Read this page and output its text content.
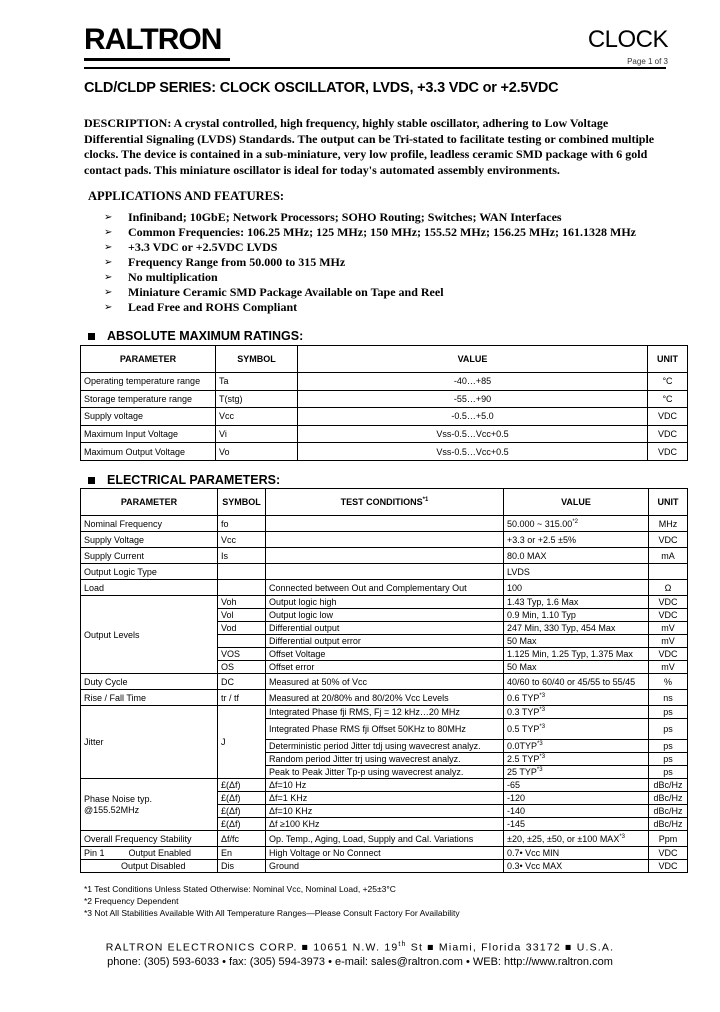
RALTRON	CLOCK
Page 1 of 3
CLD/CLDP SERIES: CLOCK OSCILLATOR, LVDS, +3.3 VDC or +2.5VDC
DESCRIPTION: A crystal controlled, high frequency, highly stable oscillator, adhering to Low Voltage Differential Signaling (LVDS) Standards. The output can be Tri-stated to facilitate testing or combined multiple clocks. The device is contained in a sub-miniature, very low profile, leadless ceramic SMD package with 6 gold contact pads. This miniature oscillator is ideal for today's automated assembly environments.
APPLICATIONS AND FEATURES:
➢	Infiniband; 10GbE; Network Processors; SOHO Routing; Switches; WAN Interfaces
➢	Common Frequencies: 106.25 MHz; 125 MHz; 150 MHz; 155.52 MHz; 156.25 MHz; 161.1328 MHz
➢	+3.3 VDC or +2.5VDC LVDS
➢	Frequency Range from 50.000 to 315 MHz
➢	No multiplication
➢	Miniature Ceramic SMD Package Available on Tape and Reel
➢	Lead Free and ROHS Compliant
ABSOLUTE MAXIMUM RATINGS:
PARAMETER	SYMBOL	VALUE	UNIT
Operating temperature range	Ta	-40…+85	°C
Storage temperature range	T(stg)	-55…+90	°C
Supply voltage	Vcc	-0.5…+5.0	VDC
Maximum Input Voltage	Vi	Vss-0.5…Vcc+0.5	VDC
Maximum Output Voltage	Vo	Vss-0.5…Vcc+0.5	VDC
ELECTRICAL PARAMETERS:
PARAMETER	SYMBOL	TEST CONDITIONS$^{*1}$	VALUE	UNIT
Nominal Frequency	fo		50.000 ~ 315.00$^{*2}$	MHz
Supply Voltage	Vcc		+3.3 or +2.5 ±5%	VDC
Supply Current	Is		80.0 MAX	mA
Output Logic Type			LVDS	
Load		Connected between Out and Complementary Out	100	Ω
Output Levels	Voh	Output logic high	1.43 Typ, 1.6 Max	VDC
	Vol	Output logic low	0.9 Min, 1.10 Typ	VDC
	Vod	Differential output	247 Min, 330 Typ, 454 Max	mV
		Differential output error	50 Max	mV
	VOS	Offset Voltage	1.125 Min, 1.25 Typ, 1.375 Max	VDC
	OS	Offset error	50 Max	mV
Duty Cycle	DC	Measured at 50% of Vcc	40/60 to 60/40 or 45/55 to 55/45	%
Rise / Fall Time	tr / tf	Measured at 20/80% and 80/20% Vcc Levels	0.6 TYP$^{*3}$	ns
Jitter	J	Integrated Phase fji RMS, Fj = 12 kHz…20 MHz	0.3 TYP$^{*3}$	ps
		Integrated Phase RMS fji Offset 50KHz to 80MHz	0.5 TYP$^{*3}$	ps
		Deterministic period Jitter tdj using wavecrest analyz.	0.0TYP$^{*3}$	ps
		Random period Jitter trj using wavecrest analyz.	2.5 TYP$^{*3}$	ps
		Peak to Peak Jitter Tp-p using wavecrest analyz.	25 TYP$^{*3}$	ps

Phase Noise typ.
@155.52MHz	£(Δf)	Δf=10 Hz	-65	dBc/Hz
	£(Δf)	Δf=1 KHz	-120	dBc/Hz
	£(Δf)	Δf=10 KHz	-140	dBc/Hz
	£(Δf)	Δf ≥100 KHz	-145	dBc/Hz
Overall Frequency Stability	Δf/fc	Op. Temp., Aging, Load, Supply and Cal. Variations	±20, ±25, ±50, or ±100 MAX$^{*3}$	Ppm
Pin 1 Output Enabled	En	High Voltage or No Connect	0.7• Vcc MIN	VDC
Output Disabled	Dis	Ground	0.3• Vcc MAX	VDC
*1 Test Conditions Unless Stated Otherwise: Nominal Vcc, Nominal Load, +25±3°C
*2 Frequency Dependent
*3 Not All Stabilities Available With All Temperature Ranges—Please Consult Factory For Availability
RALTRON ELECTRONICS CORP. ■ 10651 N.W. 19th St ■ Miami, Florida 33172 ■ U.S.A.
phone: (305) 593-6033 • fax: (305) 594-3973 • e-mail: sales@raltron.com • WEB: http://www.raltron.com
